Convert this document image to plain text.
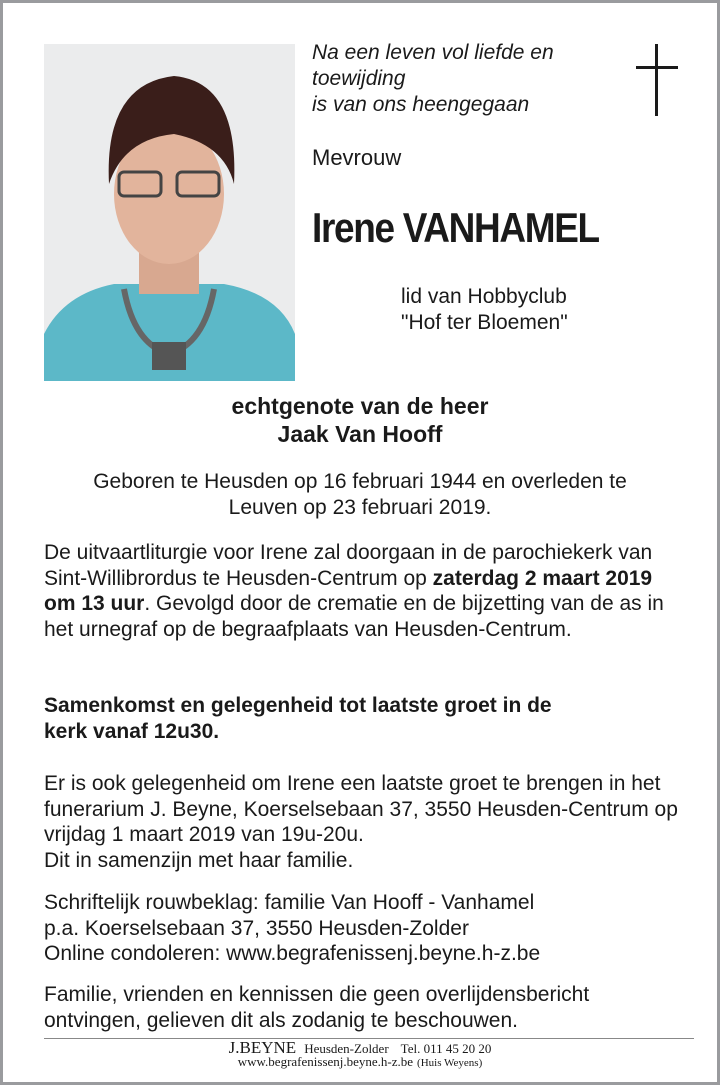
Na een leven vol liefde en
toewijding
is van ons heengegaan
Mevrouw
Irene VANHAMEL
lid van Hobbyclub
"Hof ter Bloemen"
echtgenote van de heer
Jaak Van Hooff
Geboren te Heusden op 16 februari 1944 en overleden te Leuven op 23 februari 2019.
De uitvaartliturgie voor Irene zal doorgaan in de parochiekerk van Sint-Willibrordus te Heusden-Centrum op zaterdag 2 maart 2019 om 13 uur. Gevolgd door de crematie en de bijzetting van de as in het urnegraf op de begraafplaats van Heusden-Centrum.
Samenkomst en gelegenheid tot laatste groet in de kerk vanaf 12u30.
Er is ook gelegenheid om Irene een laatste groet te brengen in het funerarium J. Beyne, Koerselsebaan 37, 3550 Heusden-Centrum op vrijdag 1 maart 2019 van 19u-20u.
Dit in samenzijn met haar familie.
Schriftelijk rouwbeklag: familie Van Hooff - Vanhamel
p.a. Koerselsebaan 37, 3550 Heusden-Zolder
Online condoleren: www.begrafenissenj.beyne.h-z.be
Familie, vrienden en kennissen die geen overlijdensbericht ontvingen, gelieven dit als zodanig te beschouwen.
J.BEYNE Heusden-Zolder Tel. 011 45 20 20
www.begrafenissenj.beyne.h-z.be (Huis Weyens)
